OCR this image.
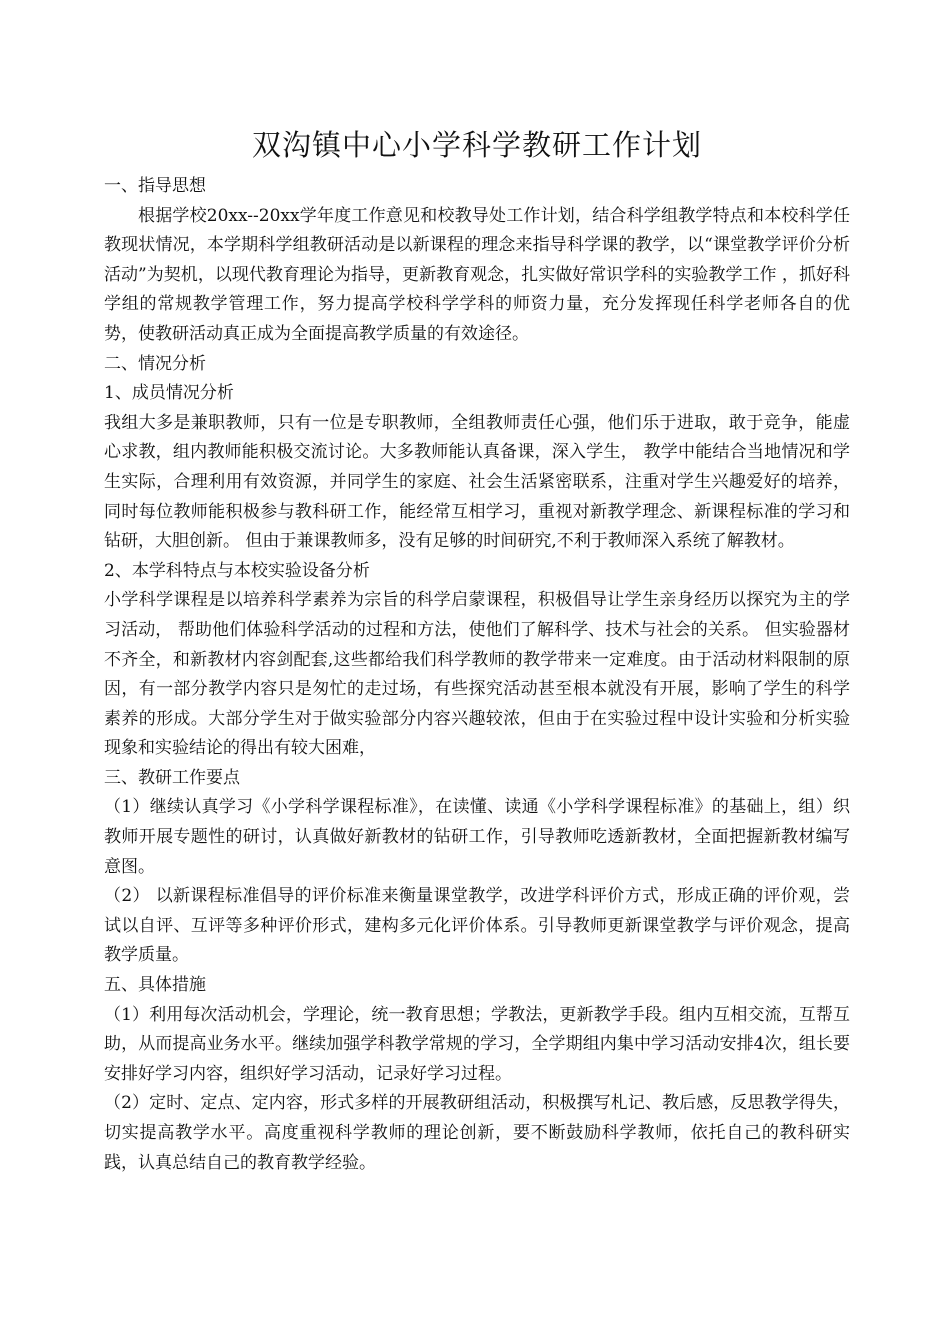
双沟镇中心小学科学教研工作计划

一、指导思想

根据学校20xx--20xx学年度工作意见和校教导处工作计划，结合科学组教学特点和本校科学任教现状情况，本学期科学组教研活动是以新课程的理念来指导科学课的教学，以“课堂教学评价分析活动”为契机，以现代教育理论为指导，更新教育观念，扎实做好常识学科的实验教学工作 ，抓好科学组的常规教学管理工作，努力提高学校科学学科的师资力量，充分发挥现任科学老师各自的优势，使教研活动真正成为全面提高教学质量的有效途径。

二、情况分析

1、成员情况分析

我组大多是兼职教师，只有一位是专职教师，全组教师责任心强，他们乐于进取，敢于竞争，能虚心求教，组内教师能积极交流讨论。大多教师能认真备课，深入学生， 教学中能结合当地情况和学生实际，合理利用有效资源，并同学生的家庭、社会生活紧密联系，注重对学生兴趣爱好的培养，同时每位教师能积极参与教科研工作，能经常互相学习，重视对新教学理念、新课程标准的学习和钻研，大胆创新。 但由于兼课教师多，没有足够的时间研究,不利于教师深入系统了解教材。

2、本学科特点与本校实验设备分析

小学科学课程是以培养科学素养为宗旨的科学启蒙课程，积极倡导让学生亲身经历以探究为主的学习活动， 帮助他们体验科学活动的过程和方法，使他们了解科学、技术与社会的关系。 但实验器材不齐全，和新教材内容剑配套,这些都给我们科学教师的教学带来一定难度。由于活动材料限制的原因，有一部分教学内容只是匆忙的走过场，有些探究活动甚至根本就没有开展，影响了学生的科学素养的形成。大部分学生对于做实验部分内容兴趣较浓，但由于在实验过程中设计实验和分析实验现象和实验结论的得出有较大困难，

三、教研工作要点

（1）继续认真学习《小学科学课程标准》，在读懂、读通《小学科学课程标准》的基础上，组）织教师开展专题性的研讨，认真做好新教材的钻研工作，引导教师吃透新教材，全面把握新教材编写意图。

（2） 以新课程标准倡导的评价标准来衡量课堂教学，改进学科评价方式，形成正确的评价观，尝试以自评、互评等多种评价形式，建构多元化评价体系。引导教师更新课堂教学与评价观念，提高教学质量。

五、具体措施

（1）利用每次活动机会，学理论，统一教育思想；学教法，更新教学手段。组内互相交流，互帮互助，从而提高业务水平。继续加强学科教学常规的学习，全学期组内集中学习活动安排4次，组长要安排好学习内容，组织好学习活动，记录好学习过程。

（2）定时、定点、定内容，形式多样的开展教研组活动，积极撰写札记、教后感，反思教学得失，切实提高教学水平。高度重视科学教师的理论创新，要不断鼓励科学教师，依托自己的教科研实践，认真总结自己的教育教学经验。
